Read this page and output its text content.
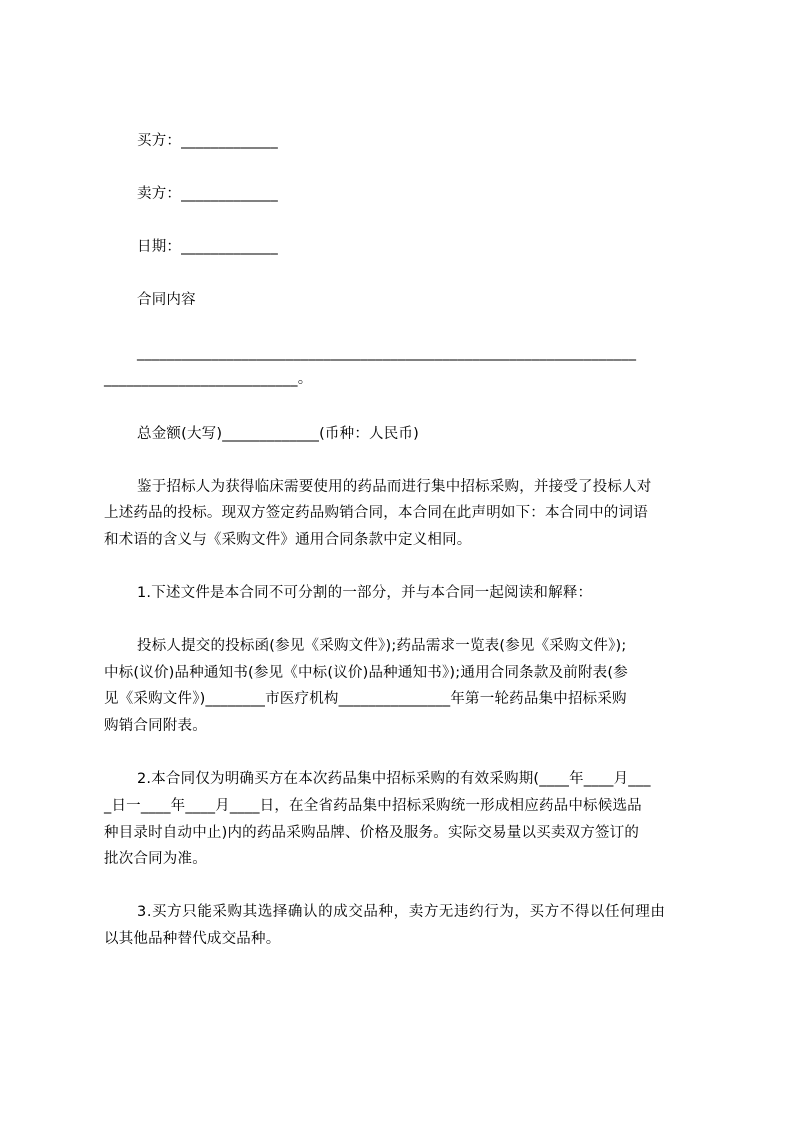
买方：_____________
卖方：_____________
日期：_____________
合同内容
___________________________________________________________________
__________________________。
总金额(大写)_____________(币种：人民币)
鉴于招标人为获得临床需要使用的药品而进行集中招标采购，并接受了投标人对
上述药品的投标。现双方签定药品购销合同，本合同在此声明如下：本合同中的词语
和术语的含义与《采购文件》通用合同条款中定义相同。
1.下述文件是本合同不可分割的一部分，并与本合同一起阅读和解释：
投标人提交的投标函(参见《采购文件》);药品需求一览表(参见《采购文件》);
中标(议价)品种通知书(参见《中标(议价)品种通知书》);通用合同条款及前附表(参
见《采购文件》)________市医疗机构_______________年第一轮药品集中招标采购
购销合同附表。
2.本合同仅为明确买方在本次药品集中招标采购的有效采购期(____年____月___
_日一____年____月____日，在全省药品集中招标采购统一形成相应药品中标候选品
种目录时自动中止)内的药品采购品牌、价格及服务。实际交易量以买卖双方签订的
批次合同为准。
3.买方只能采购其选择确认的成交品种，卖方无违约行为，买方不得以任何理由
以其他品种替代成交品种。
